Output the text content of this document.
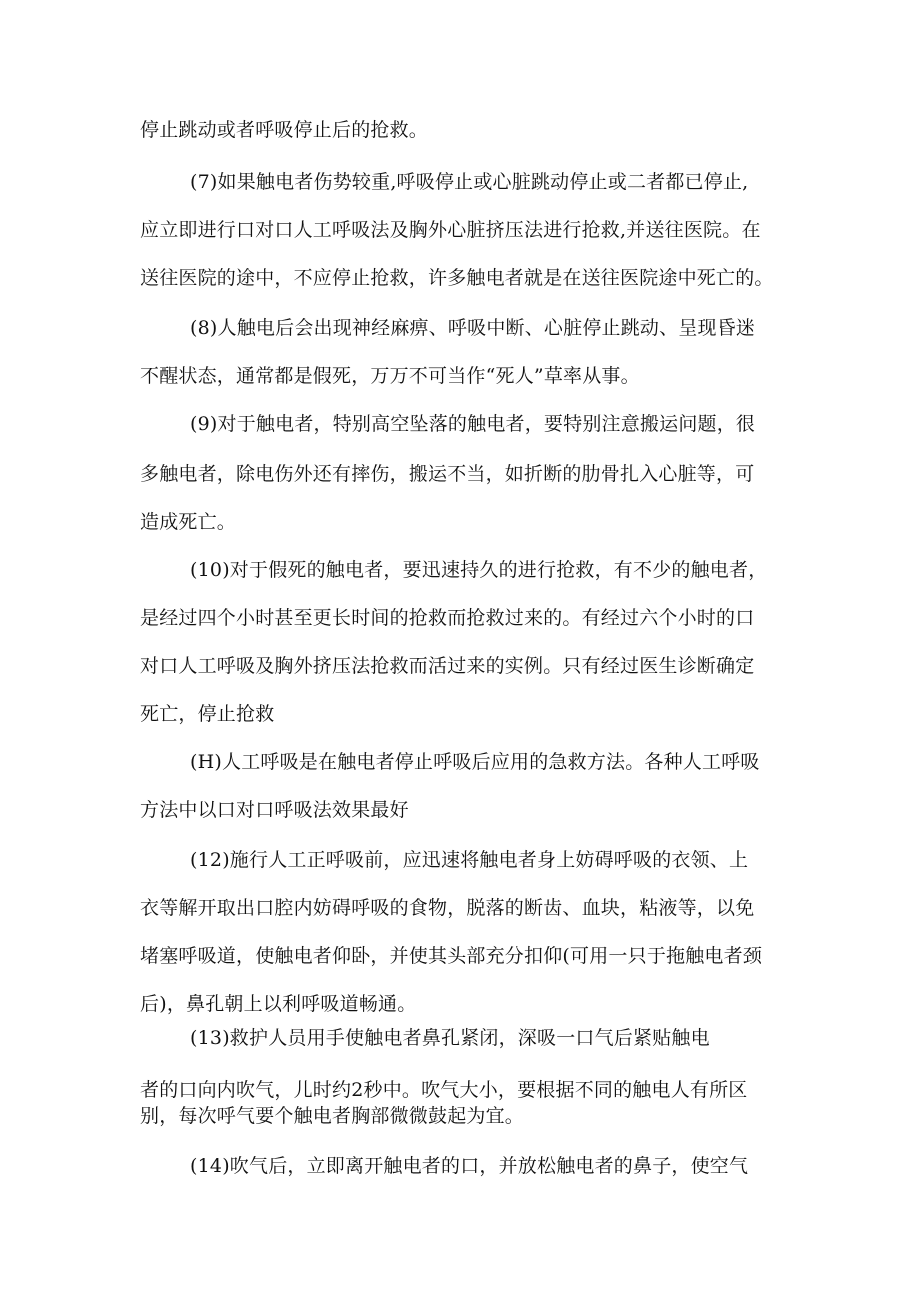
停止跳动或者呼吸停止后的抢救。
(7)如果触电者伤势较重,呼吸停止或心脏跳动停止或二者都已停止,
应立即进行口对口人工呼吸法及胸外心脏挤压法进行抢救,并送往医院。在
送往医院的途中，不应停止抢救，许多触电者就是在送往医院途中死亡的。
(8)人触电后会出现神经麻痹、呼吸中断、心脏停止跳动、呈现昏迷
不醒状态，通常都是假死，万万不可当作“死人”草率从事。
(9)对于触电者，特别高空坠落的触电者，要特别注意搬运问题，很
多触电者，除电伤外还有摔伤，搬运不当，如折断的肋骨扎入心脏等，可
造成死亡。
(10)对于假死的触电者，要迅速持久的进行抢救，有不少的触电者，
是经过四个小时甚至更长时间的抢救而抢救过来的。有经过六个小时的口
对口人工呼吸及胸外挤压法抢救而活过来的实例。只有经过医生诊断确定
死亡，停止抢救
(H)人工呼吸是在触电者停止呼吸后应用的急救方法。各种人工呼吸
方法中以口对口呼吸法效果最好
(12)施行人工正呼吸前，应迅速将触电者身上妨碍呼吸的衣领、上
衣等解开取出口腔内妨碍呼吸的食物，脱落的断齿、血块，粘液等，以免
堵塞呼吸道，使触电者仰卧，并使其头部充分扣仰(可用一只于拖触电者颈
后)，鼻孔朝上以利呼吸道畅通。
(13)救护人员用手使触电者鼻孔紧闭，深吸一口气后紧贴触电
者的口向内吹气，儿时约2秒中。吹气大小，要根据不同的触电人有所区
别，每次呼气要个触电者胸部微微鼓起为宜。
(14)吹气后，立即离开触电者的口，并放松触电者的鼻子，使空气
